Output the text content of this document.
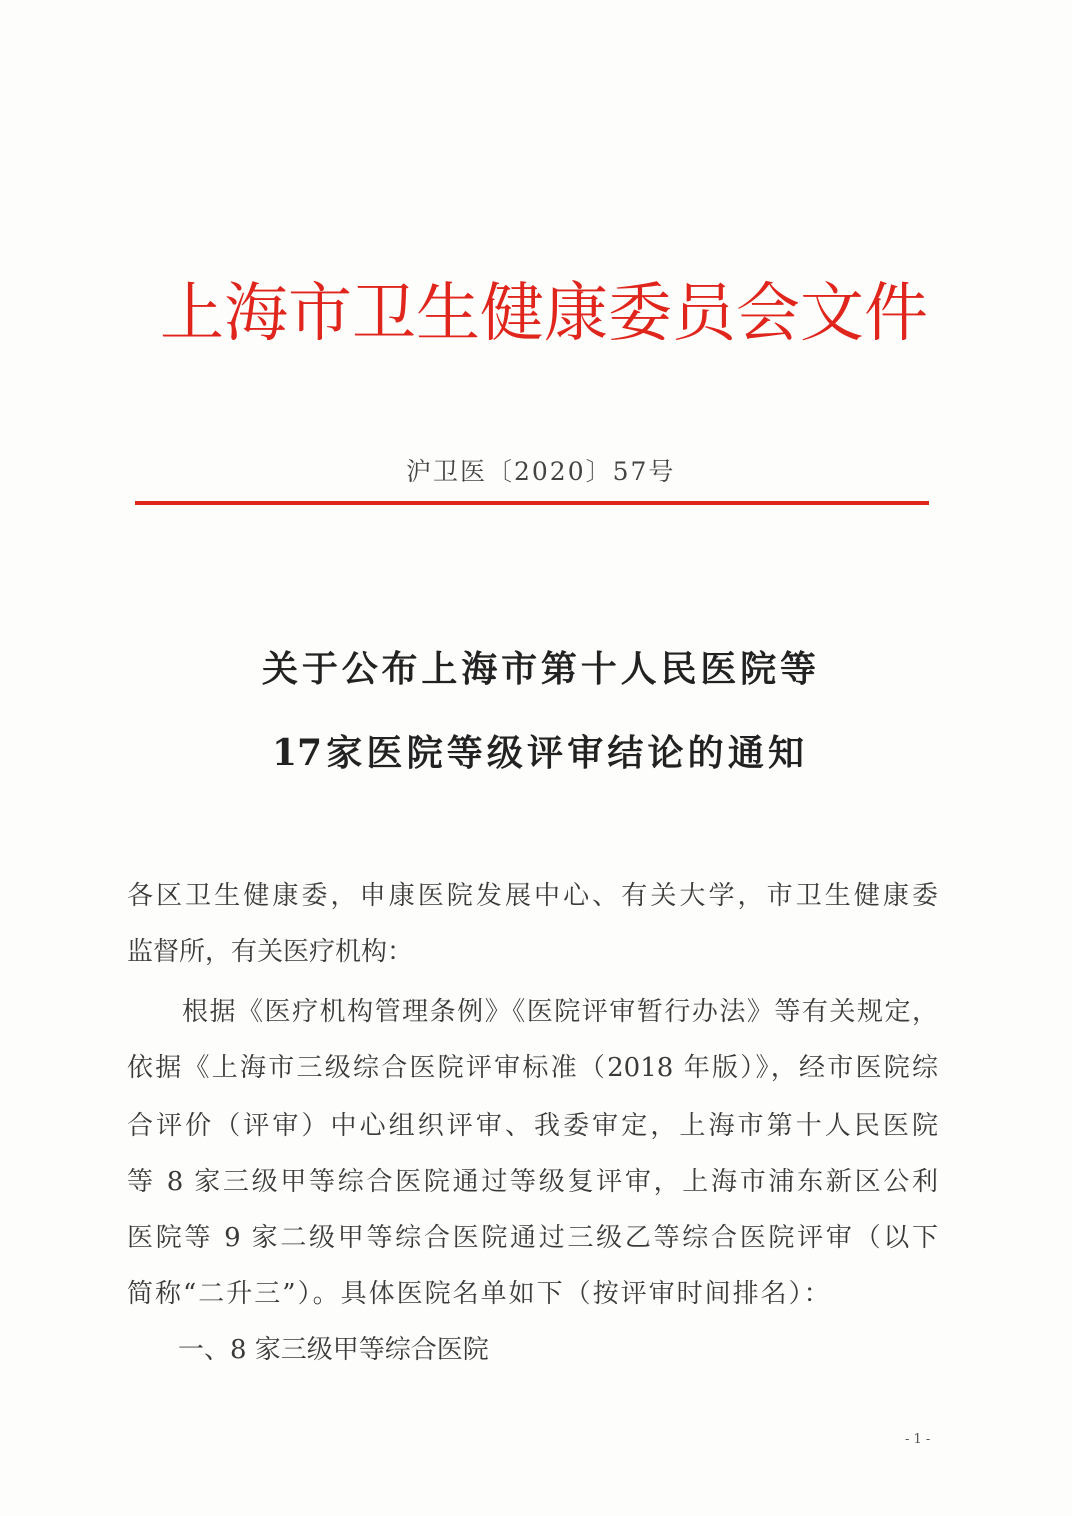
上海市卫生健康委员会文件
沪卫医〔2020〕57号
关于公布上海市第十人民医院等
17家医院等级评审结论的通知
各区卫生健康委，申康医院发展中心、有关大学，市卫生健康委
监督所，有关医疗机构：
根据《医疗机构管理条例》《医院评审暂行办法》等有关规定，
依据《上海市三级综合医院评审标准（2018 年版）》，经市医院综
合评价（评审）中心组织评审、我委审定，上海市第十人民医院
等 8 家三级甲等综合医院通过等级复评审，上海市浦东新区公利
医院等 9 家二级甲等综合医院通过三级乙等综合医院评审（以下
简称“二升三”）。具体医院名单如下（按评审时间排名）：
一、8 家三级甲等综合医院
- 1 -
